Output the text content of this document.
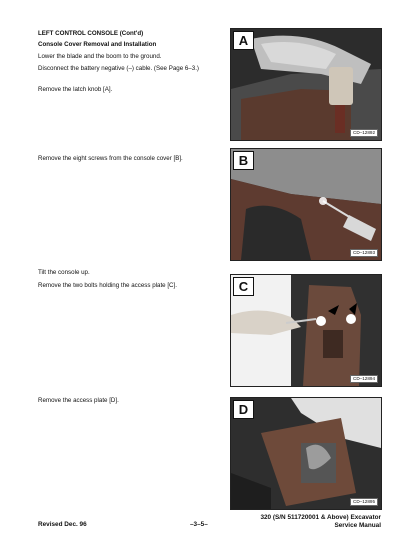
LEFT CONTROL CONSOLE (Cont'd)
Console Cover Removal and Installation
Lower the blade and the boom to the ground.
Disconnect the battery negative (–) cable. (See Page 6–3.)
Remove the latch knob [A].
Remove the eight screws from the console cover [B].
Tilt the console up.
Remove the two bolts holding the access plate [C].
Remove the access plate [D].
A
CD–12892
B
CD–12893
C
CD–12894
D
CD–12895
Revised Dec. 96	–3–5–
320 (S/N 511720001 & Above) Excavator
Service Manual
